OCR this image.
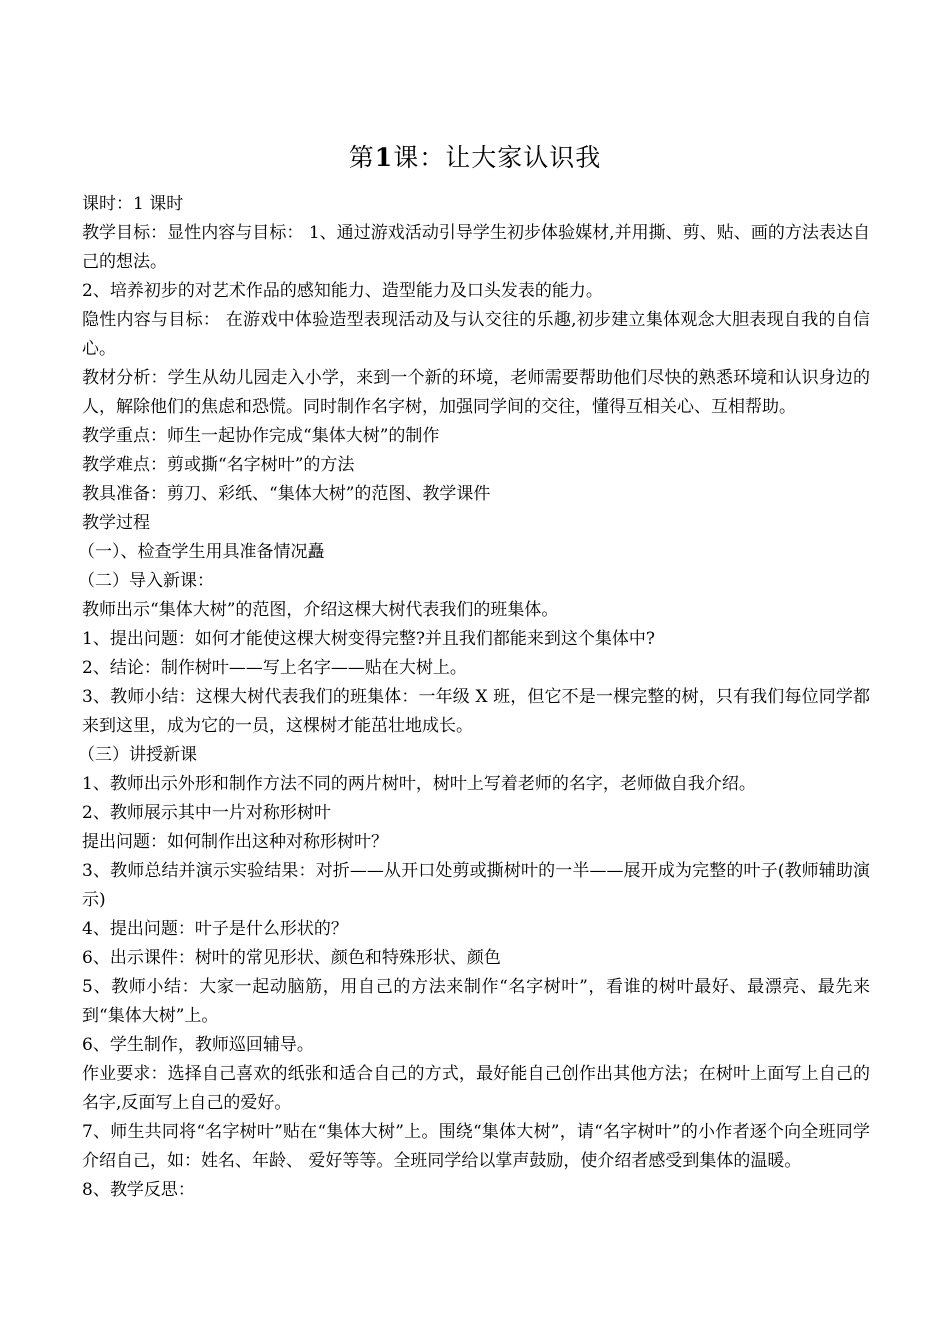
第1课：让大家认识我

课时：1 课时

教学目标：显性内容与目标： 1、通过游戏活动引导学生初步体验媒材,并用撕、剪、贴、画的方法表达自己的想法。

2、培养初步的对艺术作品的感知能力、造型能力及口头发表的能力。

隐性内容与目标： 在游戏中体验造型表现活动及与认交往的乐趣,初步建立集体观念大胆表现自我的自信心。

教材分析：学生从幼儿园走入小学，来到一个新的环境，老师需要帮助他们尽快的熟悉环境和认识身边的人，解除他们的焦虑和恐慌。同时制作名字树，加强同学间的交往，懂得互相关心、互相帮助。

教学重点：师生一起协作完成“集体大树”的制作

教学难点：剪或撕“名字树叶”的方法

教具准备：剪刀、彩纸、“集体大树”的范图、教学课件

教学过程

（一）、检查学生用具准备情况矗

（二）导入新课：

教师出示“集体大树”的范图，介绍这棵大树代表我们的班集体。

1、提出问题：如何才能使这棵大树变得完整?并且我们都能来到这个集体中?

2、结论：制作树叶——写上名字——贴在大树上。

3、教师小结：这棵大树代表我们的班集体：一年级 X 班，但它不是一棵完整的树，只有我们每位同学都来到这里，成为它的一员，这棵树才能茁壮地成长。

（三）讲授新课

1、教师出示外形和制作方法不同的两片树叶，树叶上写着老师的名字，老师做自我介绍。

2、教师展示其中一片对称形树叶

提出问题：如何制作出这种对称形树叶？

3、教师总结并演示实验结果：对折——从开口处剪或撕树叶的一半——展开成为完整的叶子(教师辅助演示)

4、提出问题：叶子是什么形状的？

6、出示课件：树叶的常见形状、颜色和特殊形状、颜色

5、教师小结：大家一起动脑筋，用自己的方法来制作“名字树叶”，看谁的树叶最好、最漂亮、最先来到“集体大树”上。

6、学生制作，教师巡回辅导。

作业要求：选择自己喜欢的纸张和适合自己的方式，最好能自己创作出其他方法；在树叶上面写上自己的名字,反面写上自己的爱好。

7、师生共同将“名字树叶”贴在“集体大树”上。围绕“集体大树”，请“名字树叶”的小作者逐个向全班同学介绍自己，如：姓名、年龄、 爱好等等。全班同学给以掌声鼓励，使介绍者感受到集体的温暖。

8、教学反思：
